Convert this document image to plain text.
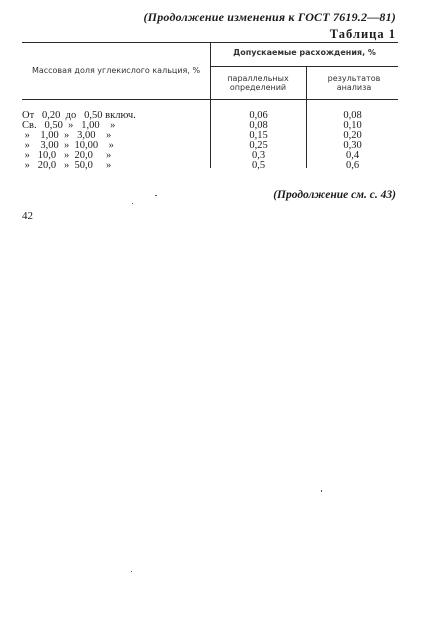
(Продолжение изменения к ГОСТ 7619.2—81)
Таблица 1
Массовая доля углекислого кальция, %
Допускаемые расхождения, %
параллельных определений
результатов анализа
От   0,20  до   0,50 включ.	0,06	0,08
Св.   0,50  »   1,00    »	0,08	0,10
»    1,00  »   3,00    »	0,15	0,20
»    3,00  »  10,00    »	0,25	0,30
»   10,0   »  20,0     »	0,3	0,4
»   20,0   »  50,0     »	0,5	0,6
(Продолжение см. с. 43)
42
